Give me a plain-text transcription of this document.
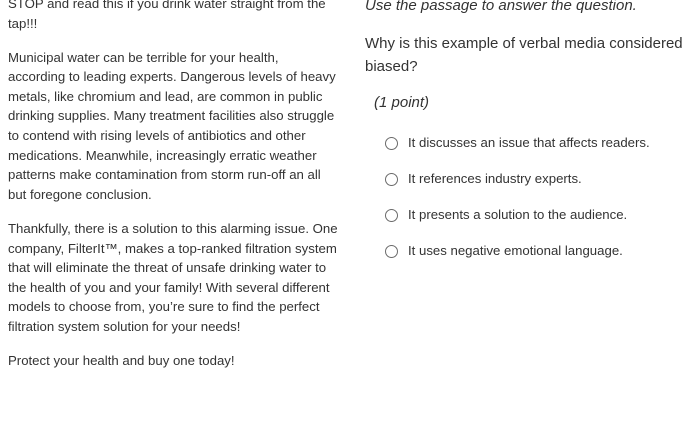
STOP and read this if you drink water straight from the tap!!!

Municipal water can be terrible for your health, according to leading experts. Dangerous levels of heavy metals, like chromium and lead, are common in public drinking supplies. Many treatment facilities also struggle to contend with rising levels of antibiotics and other medications. Meanwhile, increasingly erratic weather patterns make contamination from storm run-off an all but foregone conclusion.

Thankfully, there is a solution to this alarming issue. One company, FilterIt™, makes a top-ranked filtration system that will eliminate the threat of unsafe drinking water to the health of you and your family! With several different models to choose from, you’re sure to find the perfect filtration system solution for your needs!

Protect your health and buy one today!

Use the passage to answer the question.

Why is this example of verbal media considered biased?

(1 point)
It discusses an issue that affects readers.
It references industry experts.
It presents a solution to the audience.
It uses negative emotional language.
